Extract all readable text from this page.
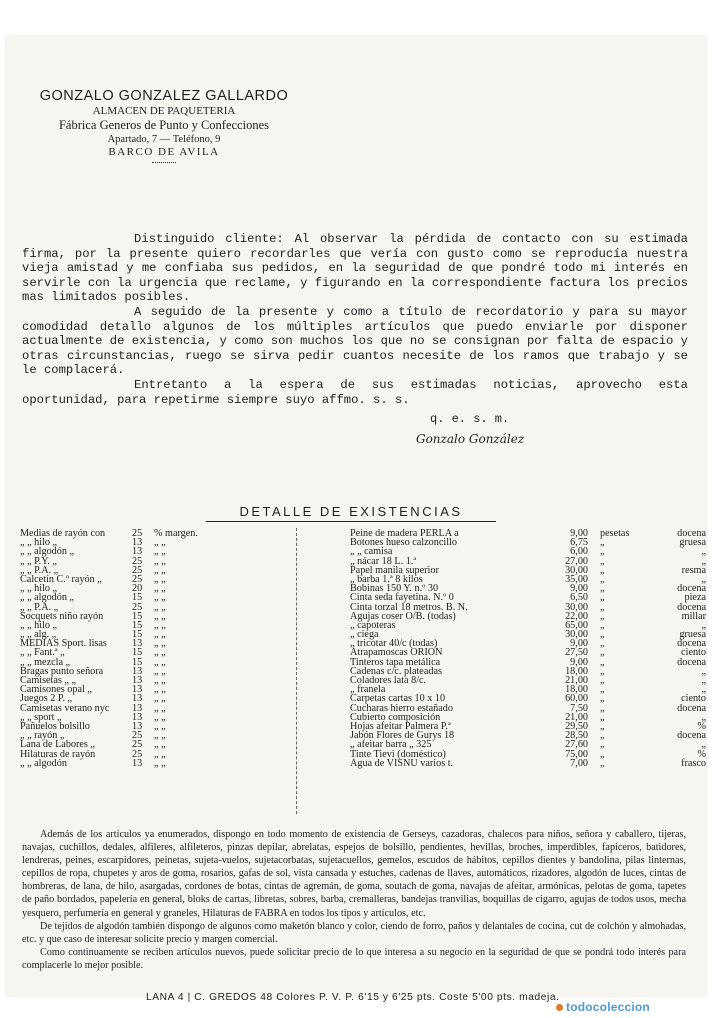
GONZALO GONZALEZ GALLARDO
ALMACEN DE PAQUETERIA
Fábrica Generos de Punto y Confecciones
Apartado, 7 — Teléfono, 9
BARCO DE AVILA

Distinguido cliente: Al observar la pérdida de contacto con su estimada firma, por la presente quiero recordarles que vería con gusto como se reproducía nuestra vieja amistad y me confiaba sus pedidos, en la seguridad de que pondré todo mi interés en servirle con la urgencia que reclame, y figurando en la correspondiente factura los precios mas limitados posibles.

A seguido de la presente y como a título de recordatorio y para su mayor comodidad detallo algunos de los múltiples artículos que puedo enviarle por disponer actualmente de existencia, y como son muchos los que no se consignan por falta de espacio y otras circunstancias, ruego se sirva pedir cuantos necesite de los ramos que trabajo y se le complacerá.

Entretanto a la espera de sus estimadas noticias, aprovecho esta oportunidad, para repetirme siempre suyo affmo. s. s.

q. e. s. m.
Gonzalo González
DETALLE DE EXISTENCIAS
Medias de rayón con	25 % margen.
„ „ hilo „	13 „ „
„ „ algodón „	13 „ „
„ „ P.Y. „	25 „ „
„ „ P.A. „	25 „ „
Calcetín C.º rayón „	25 „ „
„ „ hilo „	20 „ „
„ „ algodón „	15 „ „
„ „ P.A. „	25 „ „
Socquets niño rayón	15 „ „
„ „ hilo „	15 „ „
„ „ alg. „	15 „ „
MEDIAS Sport. lisas 13 „ „
„ „ Fant.ª „	15 „ „
„ „ mezcla „	15 „ „
Bragas punto señora	13 „ „
Camisetas „ „	13 „ „
Camisones opal „	13 „ „
Juegos 2 P. „	13 „ „
Camisetas verano nyc 13 „ „
„ „ sport „	13 „ „
Pañuelos bolsillo	13 „ „
„ „ rayón „	25 „ „
Lana de Labores „	25 „ „
Hilaturas de rayón	25 „ „
„ „ algodón	13 „ „
Peine de madera PERLA a	9,00 pesetas	docena
Botones hueso calzoncillo	6,75 „	gruesa
„ „ camisa	6,00 „	„
„ nácar 18 L. 1.ª	27,00 „	„
Papel manila superior	30,00 „	resma
„ barba 1.ª 8 kilos	35,00 „	„
Bobinas 150 Y. n.º 30	9,00 „	docena
Cinta seda fayetina. N.º 0	6,50 „	pieza
Cinta torzal 18 metros. B. N.	30,00 „	docena
Agujas coser O/B. (todas)	22,00 „	millar
„ capoteras	65,00 „	„
„ ciega	30,00 „	gruesa
„ tricotar 40/c (todas)	9,00 „	docena
Atrapamoscas ORION	27,50 „	ciento
Tinteros tapa metálica	9,00 „	docena
Cadenas c/c. plateadas	18,00 „	„
Coladores lata 8/c.	21,00 „	„
„ franela	18,00 „	„
Carpetas cartas 10 x 10	60,00 „	ciento
Cucharas hierro estañado	7,50 „	docena
Cubierto composición	21,00 „	„
Hojas afeitar Palmera P.ª	29,50 „	%
Jabón Flores de Gurys 18	28,50 „	docena
„ afeitar barra „ 325	27,60 „	„
Tinte Tievi (doméstico)	75,00 „	%
Agua de VISNU varios t.	7,00 „	frasco

Además de los artículos ya enumerados, dispongo en todo momento de existencia de Gerseys, cazadoras, chalecos para niños, señora y caballero, tijeras, navajas, cuchillos, dedales, alfileres, alfileteros, pinzas depilar, abrelatas, espejos de bolsillo, pendientes, hevillas, broches, imperdibles, fapiceros, batidores, lendreras, peines, escarpidores, peinetas, sujeta-vuelos, sujetacorbatas, sujetacuellos, gemelos, escudos de hábitos, cepillos dientes y bandolina, pilas linternas, cepillos de ropa, chupetes y aros de goma, rosarios, gafas de sol, vista cansada y estuches, cadenas de llaves, automáticos, rizadores, algodón de luces, cintas de hombreras, de lana, de hilo, asargadas, cordones de botas, cintas de agremán, de goma, soutach de goma, navajas de afeitar, armónicas, pelotas de goma, tapetes de paño bordados, papelería en general, bloks de cartas, libretas, sobres, barba, cremalleras, bandejas tranvilias, boquillas de cigarro, agujas de todos usos, mecha yesquero, perfumería en general y graneles, Hilaturas de FABRA en todos los tipos y artículos, etc.

De tejidos de algodón también dispongo de algunos como maketón blanco y color, ciendo de forro, paños y delantales de cocina, cut de colchón y almohadas, etc. y que caso de interesar solicite precio y margen comercial.

Como continuamente se reciben artículos nuevos, puede solicitar precio de lo que interesa a su negocio en la seguridad de que se pondrá todo interés para complacerle lo mejor posible.

LANA 4 | C. GREDOS 48 Colores P. V. P. 6'15 y 6'25 pts. Coste 5'00 pts. madeja.
todocoleccion
